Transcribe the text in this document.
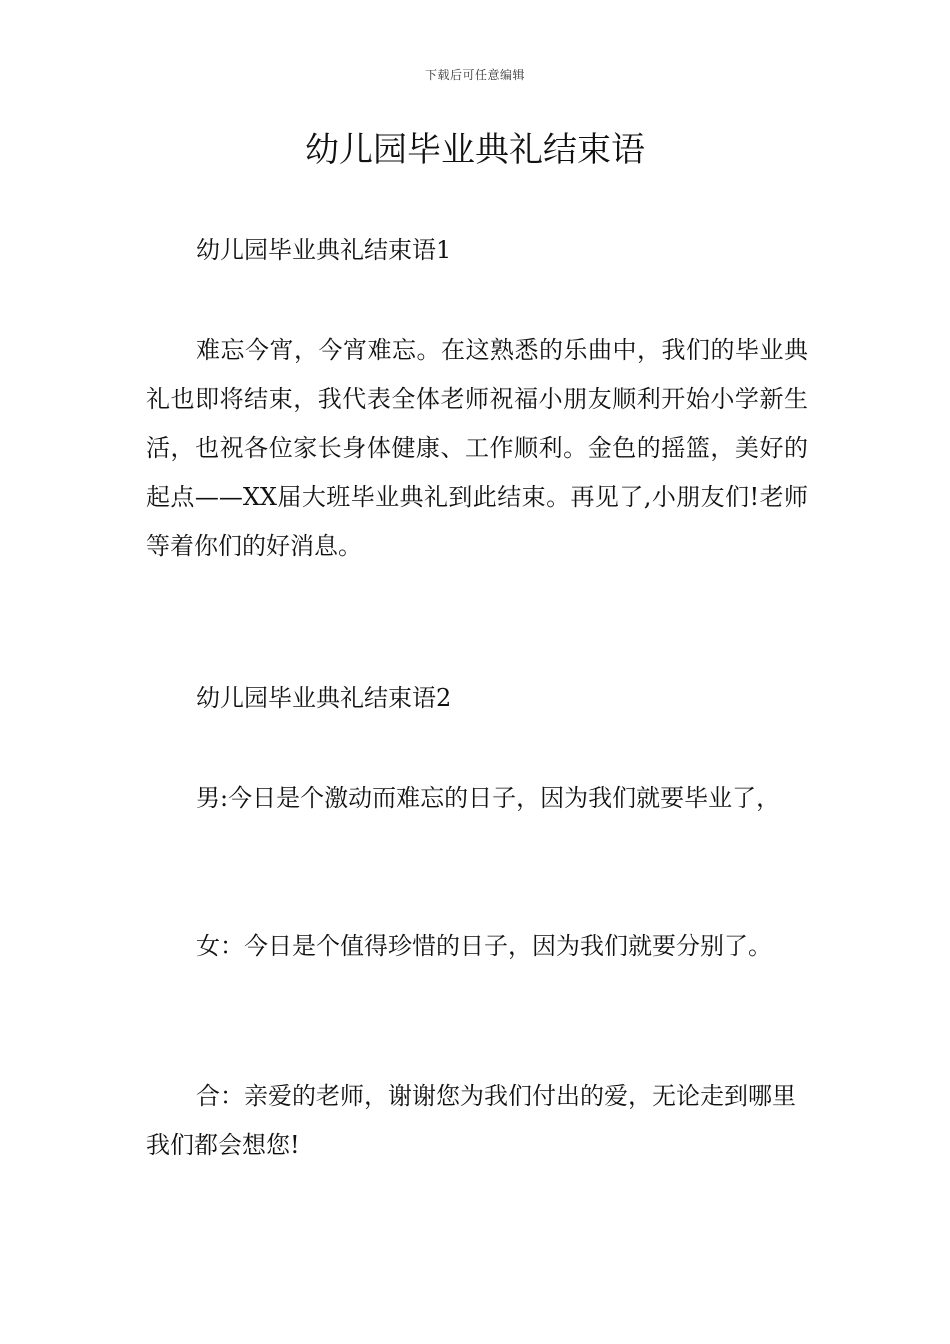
下载后可任意编辑
幼儿园毕业典礼结束语

幼儿园毕业典礼结束语1

难忘今宵，今宵难忘。在这熟悉的乐曲中，我们的毕业典礼也即将结束，我代表全体老师祝福小朋友顺利开始小学新生活，也祝各位家长身体健康、工作顺利。金色的摇篮，美好的起点——XX届大班毕业典礼到此结束。再见了,小朋友们!老师等着你们的好消息。

幼儿园毕业典礼结束语2

男:今日是个激动而难忘的日子，因为我们就要毕业了，

女：今日是个值得珍惜的日子，因为我们就要分别了。

合：亲爱的老师，谢谢您为我们付出的爱，无论走到哪里我们都会想您!
